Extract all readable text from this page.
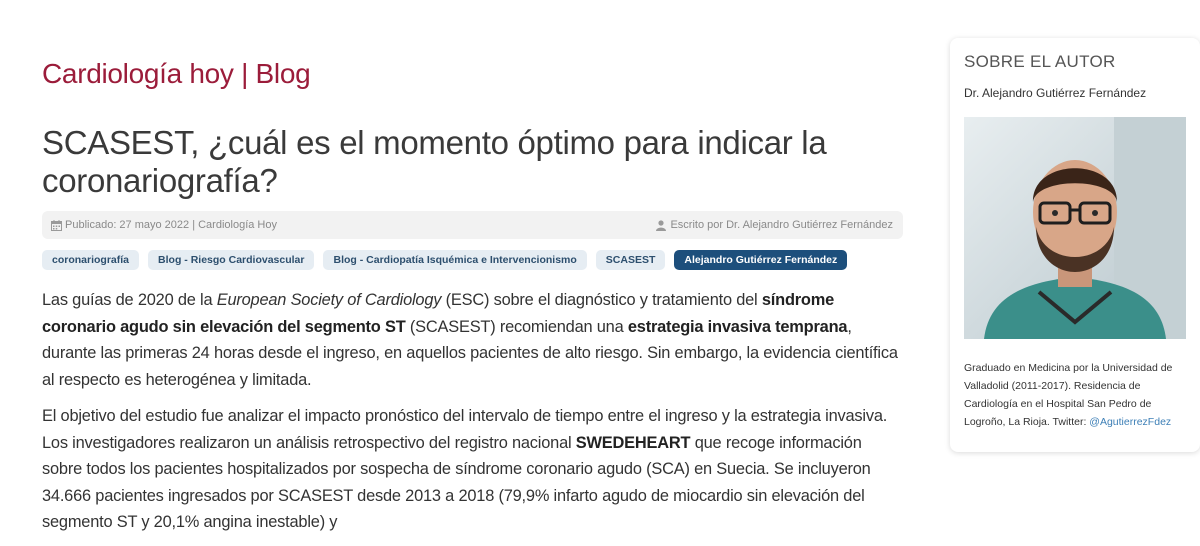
Cardiología hoy | Blog
SCASEST, ¿cuál es el momento óptimo para indicar la coronariografía?
Publicado: 27 mayo 2022 | Cardiología Hoy	Escrito por Dr. Alejandro Gutiérrez Fernández
coronariografía	Blog - Riesgo Cardiovascular	Blog - Cardiopatía Isquémica e Intervencionismo	SCASEST	Alejandro Gutiérrez Fernández

Las guías de 2020 de la European Society of Cardiology (ESC) sobre el diagnóstico y tratamiento del síndrome coronario agudo sin elevación del segmento ST (SCASEST) recomiendan una estrategia invasiva temprana, durante las primeras 24 horas desde el ingreso, en aquellos pacientes de alto riesgo. Sin embargo, la evidencia científica al respecto es heterogénea y limitada.

El objetivo del estudio fue analizar el impacto pronóstico del intervalo de tiempo entre el ingreso y la estrategia invasiva. Los investigadores realizaron un análisis retrospectivo del registro nacional SWEDEHEART que recoge información sobre todos los pacientes hospitalizados por sospecha de síndrome coronario agudo (SCA) en Suecia. Se incluyeron 34.666 pacientes ingresados por SCASEST desde 2013 a 2018 (79,9% infarto agudo de miocardio sin elevación del segmento ST y 20,1% angina inestable) y

SOBRE EL AUTOR
Dr. Alejandro Gutiérrez Fernández
Graduado en Medicina por la Universidad de Valladolid (2011-2017). Residencia de Cardiología en el Hospital San Pedro de Logroño, La Rioja. Twitter: @AgutierrezFdez
